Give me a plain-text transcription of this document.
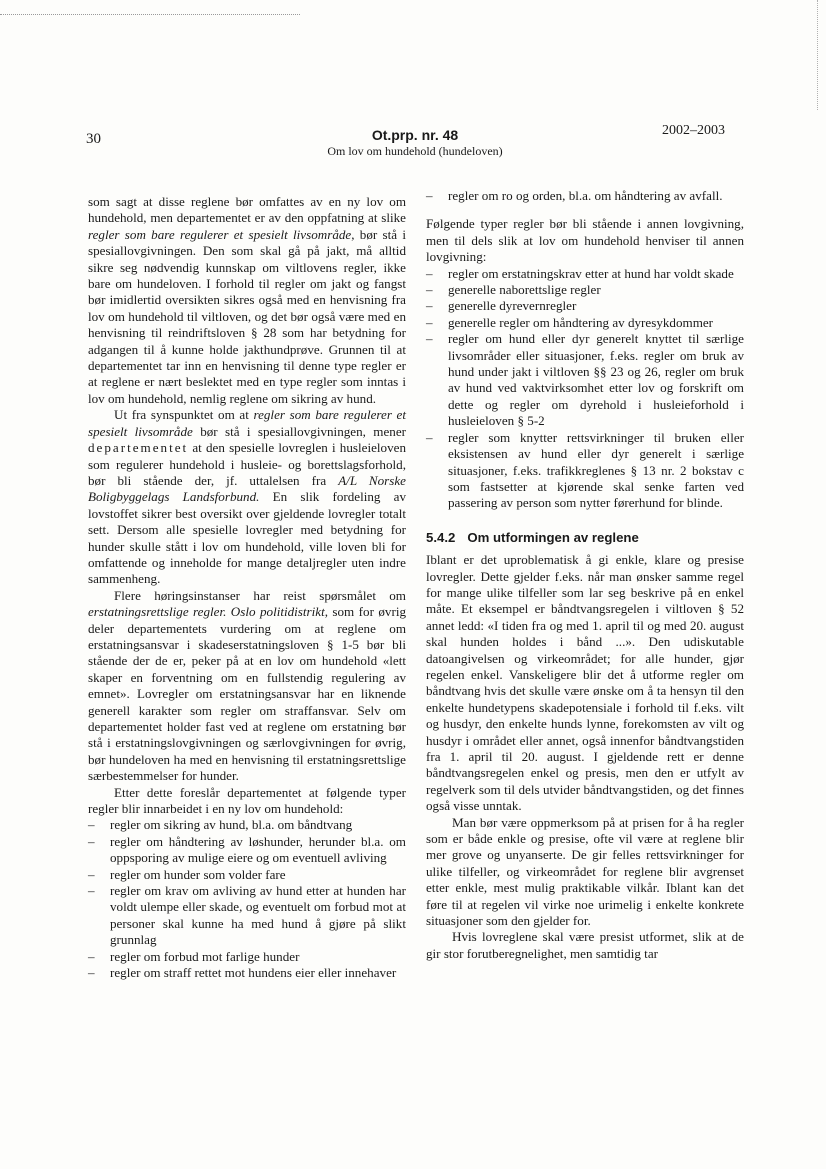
30	Ot.prp. nr. 48
Om lov om hundehold (hundeloven)
2002–2003

som sagt at disse reglene bør omfattes av en ny lov om hundehold, men departementet er av den oppfatning at slike regler som bare regulerer et spesielt livsområde, bør stå i spesiallovgivningen. Den som skal gå på jakt, må alltid sikre seg nødvendig kunnskap om viltlovens regler, ikke bare om hundeloven. I forhold til regler om jakt og fangst bør imidlertid oversikten sikres også med en henvisning fra lov om hundehold til viltloven, og det bør også være med en henvisning til reindriftsloven § 28 som har betydning for adgangen til å kunne holde jakthundprøve. Grunnen til at departementet tar inn en henvisning til denne type regler er at reglene er nært beslektet med en type regler som inntas i lov om hundehold, nemlig reglene om sikring av hund.

Ut fra synspunktet om at regler som bare regulerer et spesielt livsområde bør stå i spesiallovgivningen, mener departementet at den spesielle lovreglen i husleieloven som regulerer hundehold i husleie- og borettslagsforhold, bør bli stående der, jf. uttalelsen fra A/L Norske Boligbyggelags Landsforbund. En slik fordeling av lovstoffet sikrer best oversikt over gjeldende lovregler totalt sett. Dersom alle spesielle lovregler med betydning for hunder skulle stått i lov om hundehold, ville loven bli for omfattende og inneholde for mange detaljregler uten indre sammenheng.

Flere høringsinstanser har reist spørsmålet om erstatningsrettslige regler. Oslo politidistrikt, som for øvrig deler departementets vurdering om at reglene om erstatningsansvar i skadeserstatningsloven § 1-5 bør bli stående der de er, peker på at en lov om hundehold «lett skaper en forventning om en fullstendig regulering av emnet». Lovregler om erstatningsansvar har en liknende generell karakter som regler om straffansvar. Selv om departementet holder fast ved at reglene om erstatning bør stå i erstatningslovgivningen og særlovgivningen for øvrig, bør hundeloven ha med en henvisning til erstatningsrettslige særbestemmelser for hunder.

Etter dette foreslår departementet at følgende typer regler blir innarbeidet i en ny lov om hundehold:

– regler om sikring av hund, bl.a. om båndtvang
– regler om håndtering av løshunder, herunder bl.a. om oppsporing av mulige eiere og om eventuell avliving
– regler om hunder som volder fare
– regler om krav om avliving av hund etter at hunden har voldt ulempe eller skade, og eventuelt om forbud mot at personer skal kunne ha med hund å gjøre på slikt grunnlag
– regler om forbud mot farlige hunder
– regler om straff rettet mot hundens eier eller innehaver
– regler om ro og orden, bl.a. om håndtering av avfall.

Følgende typer regler bør bli stående i annen lovgivning, men til dels slik at lov om hundehold henviser til annen lovgivning:

– regler om erstatningskrav etter at hund har voldt skade
– generelle naborettslige regler
– generelle dyrevernregler
– generelle regler om håndtering av dyresykdommer
– regler om hund eller dyr generelt knyttet til særlige livsområder eller situasjoner, f.eks. regler om bruk av hund under jakt i viltloven §§ 23 og 26, regler om bruk av hund ved vaktvirksomhet etter lov og forskrift om dette og regler om dyrehold i husleieforhold i husleieloven § 5-2
– regler som knytter rettsvirkninger til bruken eller eksistensen av hund eller dyr generelt i særlige situasjoner, f.eks. trafikkreglenes § 13 nr. 2 bokstav c som fastsetter at kjørende skal senke farten ved passering av person som nytter førerhund for blinde.
5.4.2 Om utformingen av reglene

Iblant er det uproblematisk å gi enkle, klare og presise lovregler. Dette gjelder f.eks. når man ønsker samme regel for mange ulike tilfeller som lar seg beskrive på en enkel måte. Et eksempel er båndtvangsregelen i viltloven § 52 annet ledd: «I tiden fra og med 1. april til og med 20. august skal hunden holdes i bånd ...». Den udiskutable datoangivelsen og virkeområdet; for alle hunder, gjør regelen enkel. Vanskeligere blir det å utforme regler om båndtvang hvis det skulle være ønske om å ta hensyn til den enkelte hundetypens skadepotensiale i forhold til f.eks. vilt og husdyr, den enkelte hunds lynne, forekomsten av vilt og husdyr i området eller annet, også innenfor båndtvangstiden fra 1. april til 20. august. I gjeldende rett er denne båndtvangsregelen enkel og presis, men den er utfylt av regelverk som til dels utvider båndtvangstiden, og det finnes også visse unntak.

Man bør være oppmerksom på at prisen for å ha regler som er både enkle og presise, ofte vil være at reglene blir mer grove og unyanserte. De gir felles rettsvirkninger for ulike tilfeller, og virkeområdet for reglene blir avgrenset etter enkle, mest mulig praktikable vilkår. Iblant kan det føre til at regelen vil virke noe urimelig i enkelte konkrete situasjoner som den gjelder for.

Hvis lovreglene skal være presist utformet, slik at de gir stor forutberegnelighet, men samtidig tar
